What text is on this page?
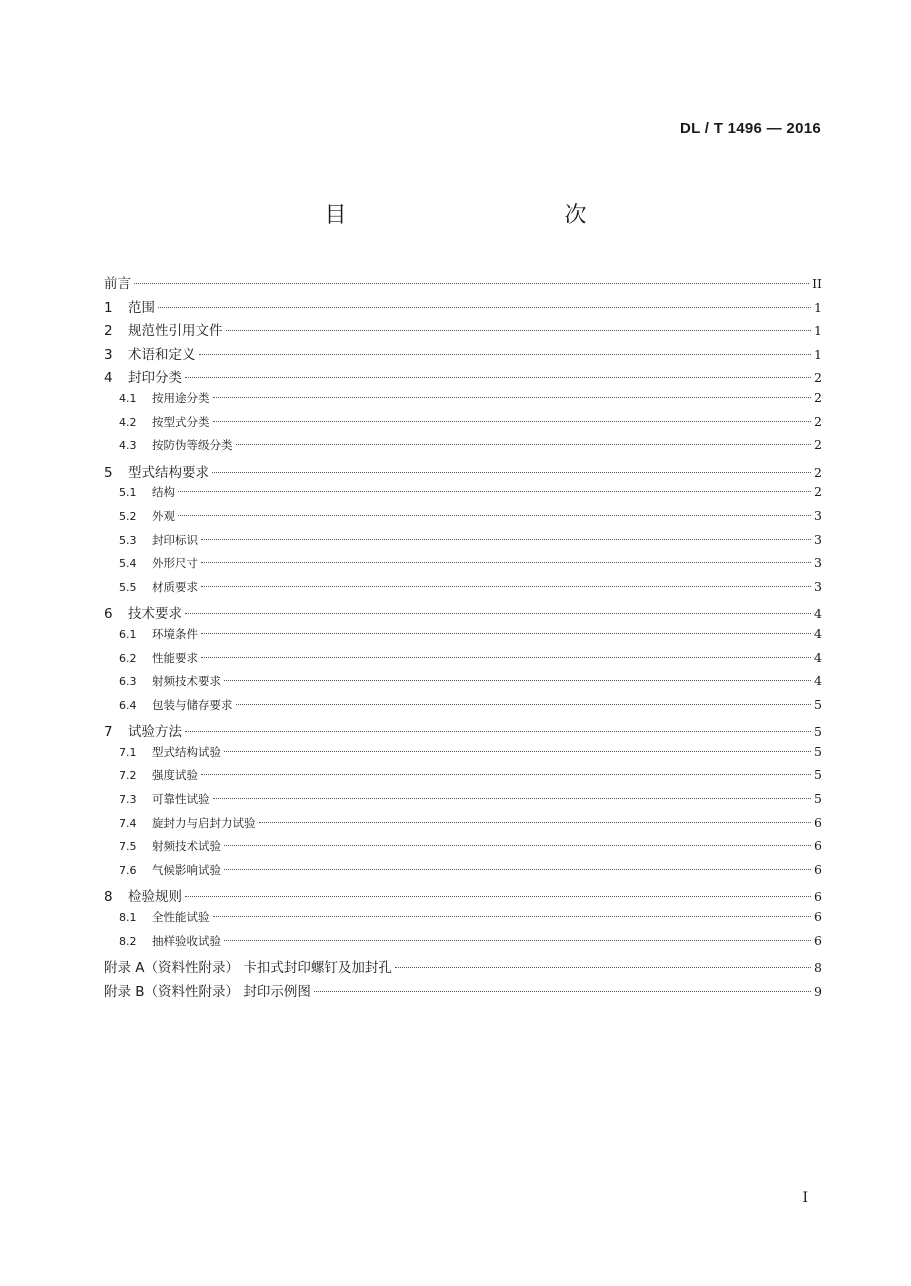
DL / T 1496 — 2016
目　　次
前言	II
1	范围	1
2	规范性引用文件	1
3	术语和定义	1
4	封印分类	2
4.1	按用途分类	2
4.2	按型式分类	2
4.3	按防伪等级分类	2
5	型式结构要求	2
5.1	结构	2
5.2	外观	3
5.3	封印标识	3
5.4	外形尺寸	3
5.5	材质要求	3
6	技术要求	4
6.1	环境条件	4
6.2	性能要求	4
6.3	射频技术要求	4
6.4	包装与储存要求	5
7	试验方法	5
7.1	型式结构试验	5
7.2	强度试验	5
7.3	可靠性试验	5
7.4	旋封力与启封力试验	6
7.5	射频技术试验	6
7.6	气候影响试验	6
8	检验规则	6
8.1	全性能试验	6
8.2	抽样验收试验	6
附录 A（资料性附录） 卡扣式封印螺钉及加封孔	8
附录 B（资料性附录） 封印示例图	9
I
